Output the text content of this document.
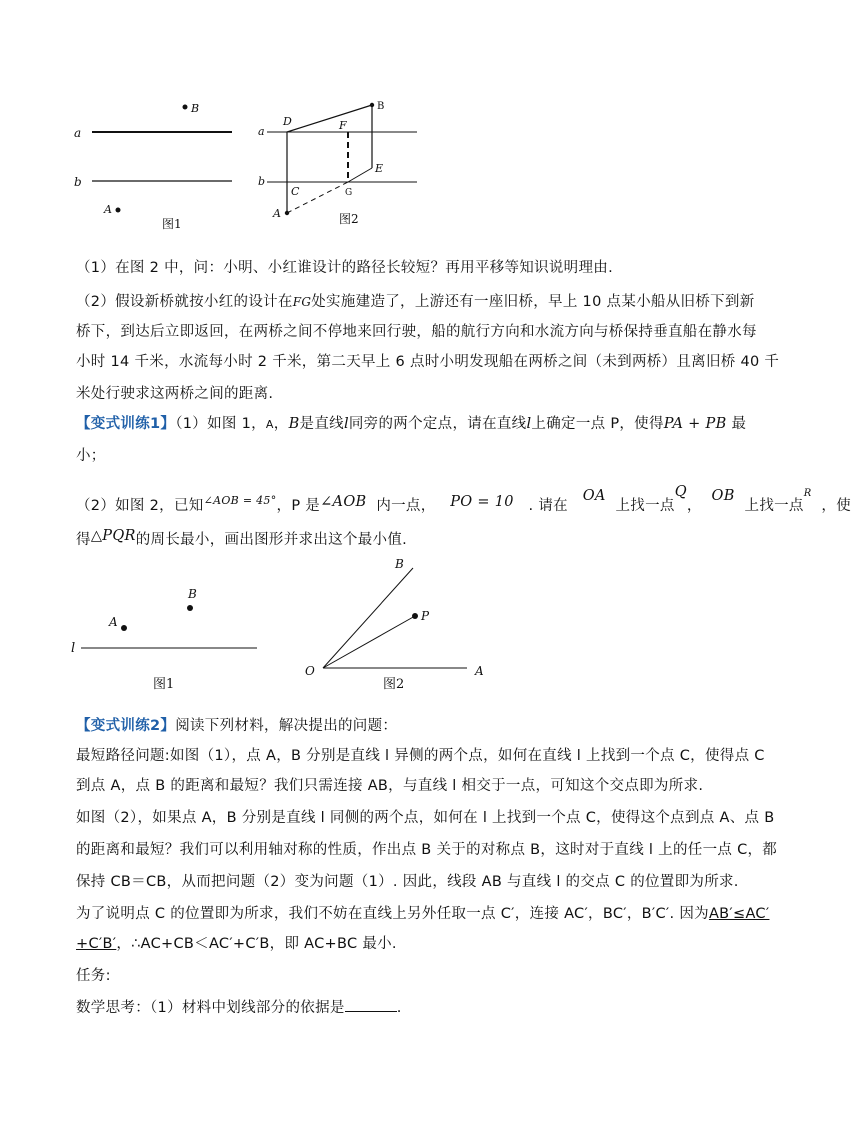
a
b
B
A
图1
a
b
D	F
B
E
C	G
A	图2
（1）在图 2 中，问：小明、小红谁设计的路径长较短？再用平移等知识说明理由.
（2）假设新桥就按小红的设计在FG处实施建造了，上游还有一座旧桥，早上 10 点某小船从旧桥下到新
桥下，到达后立即返回，在两桥之间不停地来回行驶，船的航行方向和水流方向与桥保持垂直船在静水每
小时 14 千米，水流每小时 2 千米，第二天早上 6 点时小明发现船在两桥之间（未到两桥）且离旧桥 40 千
米处行驶求这两桥之间的距离.
【变式训练1】（1）如图 1，A，B是直线l同旁的两个定点，请在直线l上确定一点 P，使得PA + PB 最
小；
（2）如图 2，已知$^{\angle AOB = 45^\circ}$，P 是∠AOB 内一点， PO = 10 . 请在   OA  上找一点Q，  OB  上找一点$^R$  ，使
得△PQR的周长最小，画出图形并求出这个最小值.
B
A
l
图1
B
P
O	A
图2
【变式训练2】阅读下列材料，解决提出的问题：
最短路径问题:如图（1），点 A，B 分别是直线 l 异侧的两个点，如何在直线 l 上找到一个点 C，使得点 C
到点 A，点 B 的距离和最短？我们只需连接 AB，与直线 l 相交于一点，可知这个交点即为所求.
如图（2），如果点 A，B 分别是直线 l 同侧的两个点，如何在 l 上找到一个点 C，使得这个点到点 A、点 B
的距离和最短？我们可以利用轴对称的性质，作出点 B 关于的对称点 B，这时对于直线 l 上的任一点 C，都
保持 CB＝CB，从而把问题（2）变为问题（1）. 因此，线段 AB 与直线 l 的交点 C 的位置即为所求.
为了说明点 C 的位置即为所求，我们不妨在直线上另外任取一点 C′，连接 AC′，BC′，B′C′. 因为AB′≤AC′
+C′B′，∴AC+CB＜AC′+C′B，即 AC+BC 最小.
任务:
数学思考：（1）材料中划线部分的依据是	.
